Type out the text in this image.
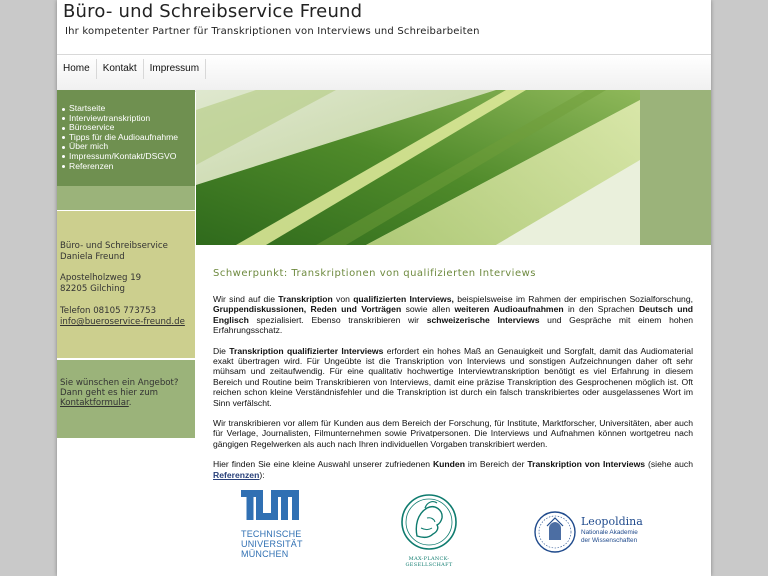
Büro- und Schreibservice Freund

Ihr kompetenter Partner für Transkriptionen von Interviews und Schreibarbeiten

Home	Kontakt	Impressum
Startseite
Interviewtranskription
Büroservice
Tipps für die Audioaufnahme
Über mich
Impressum/Kontakt/DSGVO
Referenzen

Büro- und Schreibservice
Daniela Freund

Apostelholzweg 19
82205 Gilching

Telefon 08105 773753
info@bueroservice-freund.de

Sie wünschen ein Angebot?
Dann geht es hier zum
Kontaktformular.

Schwerpunkt: Transkriptionen von qualifizierten Interviews

Wir sind auf die Transkription von qualifizierten Interviews, beispielsweise im Rahmen der empirischen Sozialforschung, Gruppendiskussionen, Reden und Vorträgen sowie allen weiteren Audioaufnahmen in den Sprachen Deutsch und Englisch spezialisiert. Ebenso transkribieren wir schweizerische Interviews und Gespräche mit einem hohen Erfahrungsschatz.

Die Transkription qualifizierter Interviews erfordert ein hohes Maß an Genauigkeit und Sorgfalt, damit das Audiomaterial exakt übertragen wird. Für Ungeübte ist die Transkription von Interviews und sonstigen Aufzeichnungen daher oft sehr mühsam und zeitaufwendig. Für eine qualitativ hochwertige Interviewtranskription benötigt es viel Erfahrung in diesem Bereich und Routine beim Transkribieren von Interviews, damit eine präzise Transkription des Gesprochenen möglich ist. Oft reichen schon kleine Verständnisfehler und die Transkription ist durch ein falsch transkribiertes oder ausgelassenes Wort im Sinn verfälscht.

Wir transkribieren vor allem für Kunden aus dem Bereich der Forschung, für Institute, Marktforscher, Universitäten, aber auch für Verlage, Journalisten, Filmunternehmen sowie Privatpersonen. Die Interviews und Aufnahmen können wortgetreu nach gängigen Regelwerken als auch nach Ihren individuellen Vorgaben transkribiert werden.

Hier finden Sie eine kleine Auswahl unserer zufriedenen Kunden im Bereich der Transkription von Interviews (siehe auch Referenzen):

TECHNISCHE
UNIVERSITÄT
MÜNCHEN	MAX-PLANCK-GESELLSCHAFT
Leopoldina
Nationale Akademie
der Wissenschaften
